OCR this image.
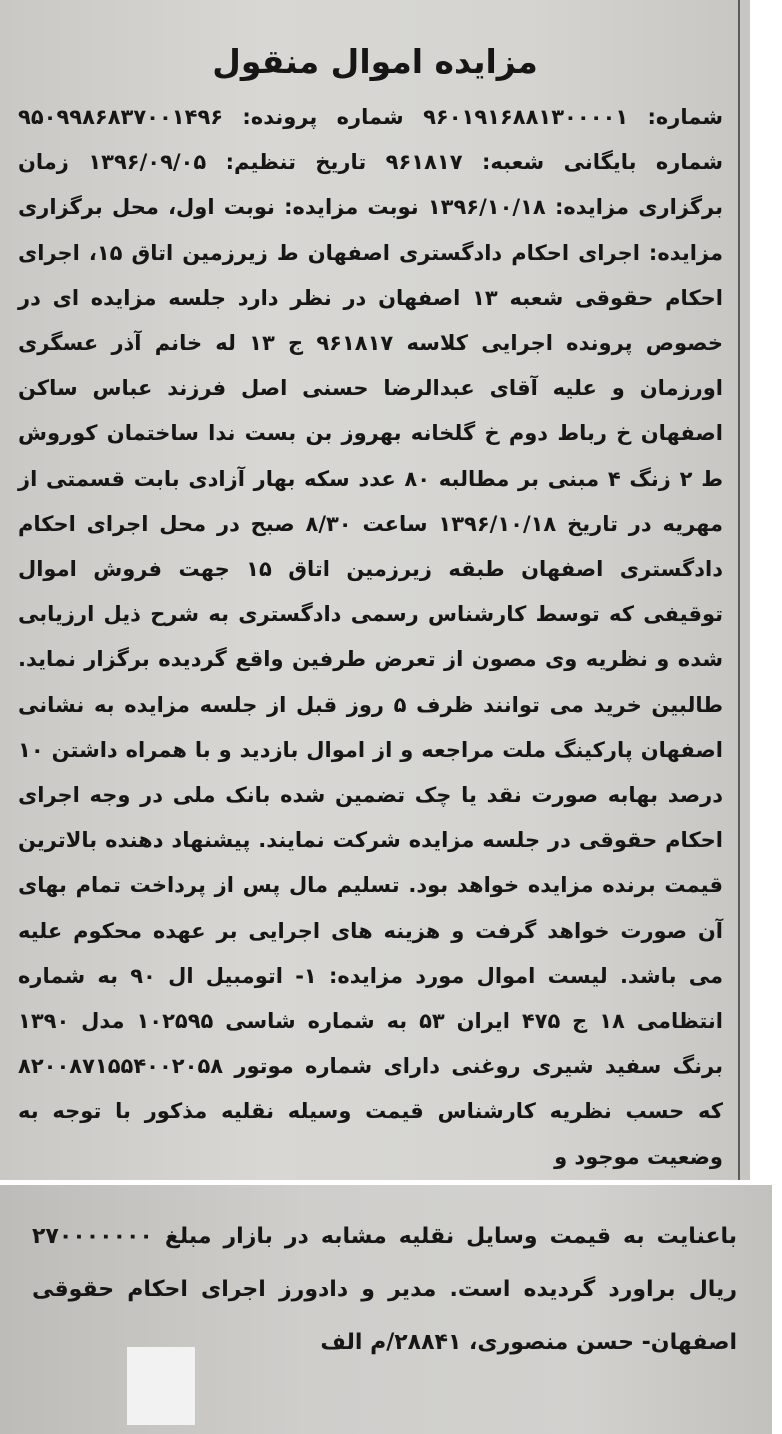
مزایده اموال منقول

شماره: ۹۶۰۱۹۱۶۸۸۱۳۰۰۰۰۱ شماره پرونده: ۹۵۰۹۹۸۶۸۳۷۰۰۱۴۹۶ شماره بایگانی شعبه: ۹۶۱۸۱۷ تاریخ تنظیم: ۱۳۹۶/۰۹/۰۵ زمان برگزاری مزایده: ۱۳۹۶/۱۰/۱۸ نوبت مزایده: نوبت اول، محل برگزاری مزایده: اجرای احکام دادگستری اصفهان ط زیرزمین اتاق ۱۵، اجرای احکام حقوقی شعبه ۱۳ اصفهان در نظر دارد جلسه مزایده ای در خصوص پرونده اجرایی کلاسه ۹۶۱۸۱۷ ج ۱۳ له خانم آذر عسگری اورزمان و علیه آقای عبدالرضا حسنی اصل فرزند عباس ساکن اصفهان خ رباط دوم خ گلخانه بهروز بن بست ندا ساختمان کوروش ط ۲ زنگ ۴ مبنی بر مطالبه ۸۰ عدد سکه بهار آزادی بابت قسمتی از مهریه در تاریخ ۱۳۹۶/۱۰/۱۸ ساعت ۸/۳۰ صبح در محل اجرای احکام دادگستری اصفهان طبقه زیرزمین اتاق ۱۵ جهت فروش اموال توقیفی که توسط کارشناس رسمی دادگستری به شرح ذیل ارزیابی شده و نظریه وی مصون از تعرض طرفین واقع گردیده برگزار نماید. طالبین خرید می توانند ظرف ۵ روز قبل از جلسه مزایده به نشانی اصفهان پارکینگ ملت مراجعه و از اموال بازدید و با همراه داشتن ۱۰ درصد بهابه صورت نقد یا چک تضمین شده بانک ملی در وجه اجرای احکام حقوقی در جلسه مزایده شرکت نمایند. پیشنهاد دهنده بالاترین قیمت برنده مزایده خواهد بود. تسلیم مال پس از پرداخت تمام بهای آن صورت خواهد گرفت و هزینه های اجرایی بر عهده محکوم علیه می باشد. لیست اموال مورد مزایده: ۱- اتومبیل ال ۹۰ به شماره انتظامی ۱۸ ج ۴۷۵ ایران ۵۳ به شماره شاسی ۱۰۲۵۹۵ مدل ۱۳۹۰ برنگ سفید شیری روغنی دارای شماره موتور ۸۲۰۰۸۷۱۵۵۴۰۰۲۰۵۸ که حسب نظریه کارشناس قیمت وسیله نقلیه مذکور با توجه به وضعیت موجود و

باعنایت به قیمت وسایل نقلیه مشابه در بازار مبلغ ۲۷۰۰۰۰۰۰۰ ریال براورد گردیده است. مدیر و دادورز اجرای احکام حقوقی اصفهان- حسن منصوری، ۲۸۸۴۱/م الف
